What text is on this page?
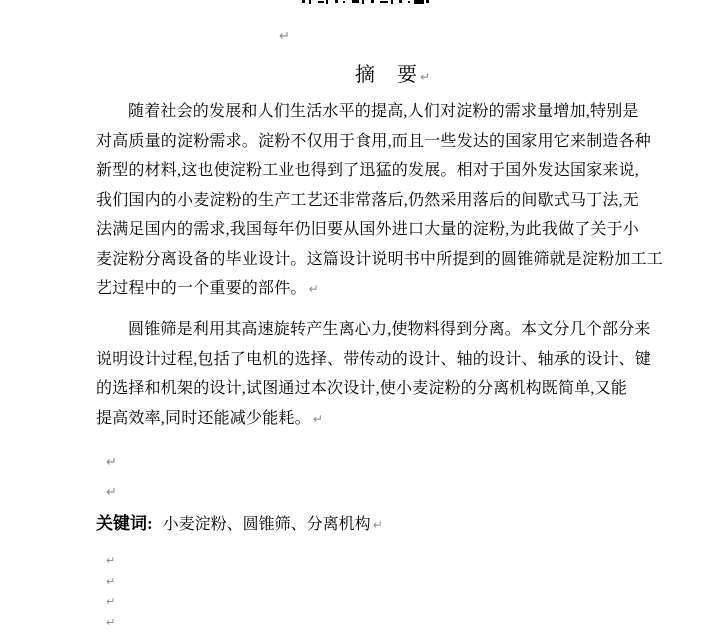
↵
摘　要 ↵
随着社会的发展和人们生活水平的提高,人们对淀粉的需求量增加,特别是
对高质量的淀粉需求。淀粉不仅用于食用,而且一些发达的国家用它来制造各种
新型的材料,这也使淀粉工业也得到了迅猛的发展。相对于国外发达国家来说,
我们国内的小麦淀粉的生产工艺还非常落后,仍然采用落后的间歇式马丁法,无
法满足国内的需求,我国每年仍旧要从国外进口大量的淀粉,为此我做了关于小
麦淀粉分离设备的毕业设计。这篇设计说明书中所提到的圆锥筛就是淀粉加工工
艺过程中的一个重要的部件。 ↵
圆锥筛是利用其高速旋转产生离心力,使物料得到分离。本文分几个部分来
说明设计过程,包括了电机的选择、带传动的设计、轴的设计、轴承的设计、键
的选择和机架的设计,试图通过本次设计,使小麦淀粉的分离机构既简单,又能
提高效率,同时还能减少能耗。 ↵
↵
↵
关键词: 小麦淀粉、圆锥筛、分离机构 ↵
↵
↵
↵
↵
